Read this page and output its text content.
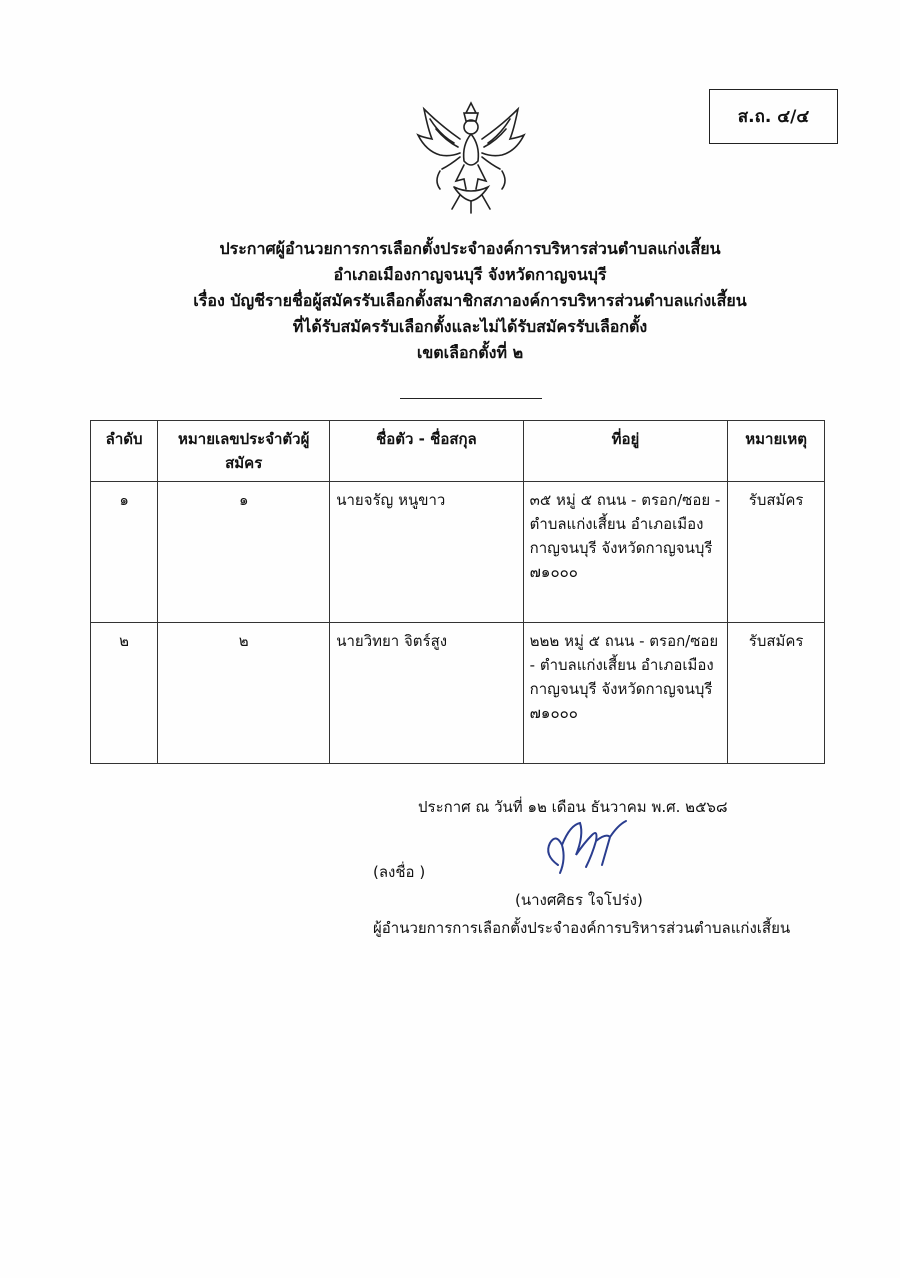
ส.ถ. ๔/๔
ประกาศผู้อำนวยการการเลือกตั้งประจำองค์การบริหารส่วนตำบลแก่งเสี้ยน
อำเภอเมืองกาญจนบุรี จังหวัดกาญจนบุรี
เรื่อง บัญชีรายชื่อผู้สมัครรับเลือกตั้งสมาชิกสภาองค์การบริหารส่วนตำบลแก่งเสี้ยน
ที่ได้รับสมัครรับเลือกตั้งและไม่ได้รับสมัครรับเลือกตั้ง
เขตเลือกตั้งที่ ๒
ลำดับ	หมายเลขประจำตัวผู้สมัคร	ชื่อตัว - ชื่อสกุล	ที่อยู่	หมายเหตุ
๑	๑	นายจรัญ หนูขาว	๓๕ หมู่ ๕ ถนน - ตรอก/ซอย - ตำบลแก่งเสี้ยน อำเภอเมืองกาญจนบุรี จังหวัดกาญจนบุรี ๗๑๐๐๐	รับสมัคร
๒	๒	นายวิทยา จิตร์สูง	๒๒๒ หมู่ ๕ ถนน - ตรอก/ซอย - ตำบลแก่งเสี้ยน อำเภอเมืองกาญจนบุรี จังหวัดกาญจนบุรี ๗๑๐๐๐	รับสมัคร
ประกาศ ณ วันที่ ๑๒ เดือน ธันวาคม พ.ศ. ๒๕๖๘
(ลงชื่อ )
(นางศศิธร ใจโปร่ง)
ผู้อำนวยการการเลือกตั้งประจำองค์การบริหารส่วนตำบลแก่งเสี้ยน
